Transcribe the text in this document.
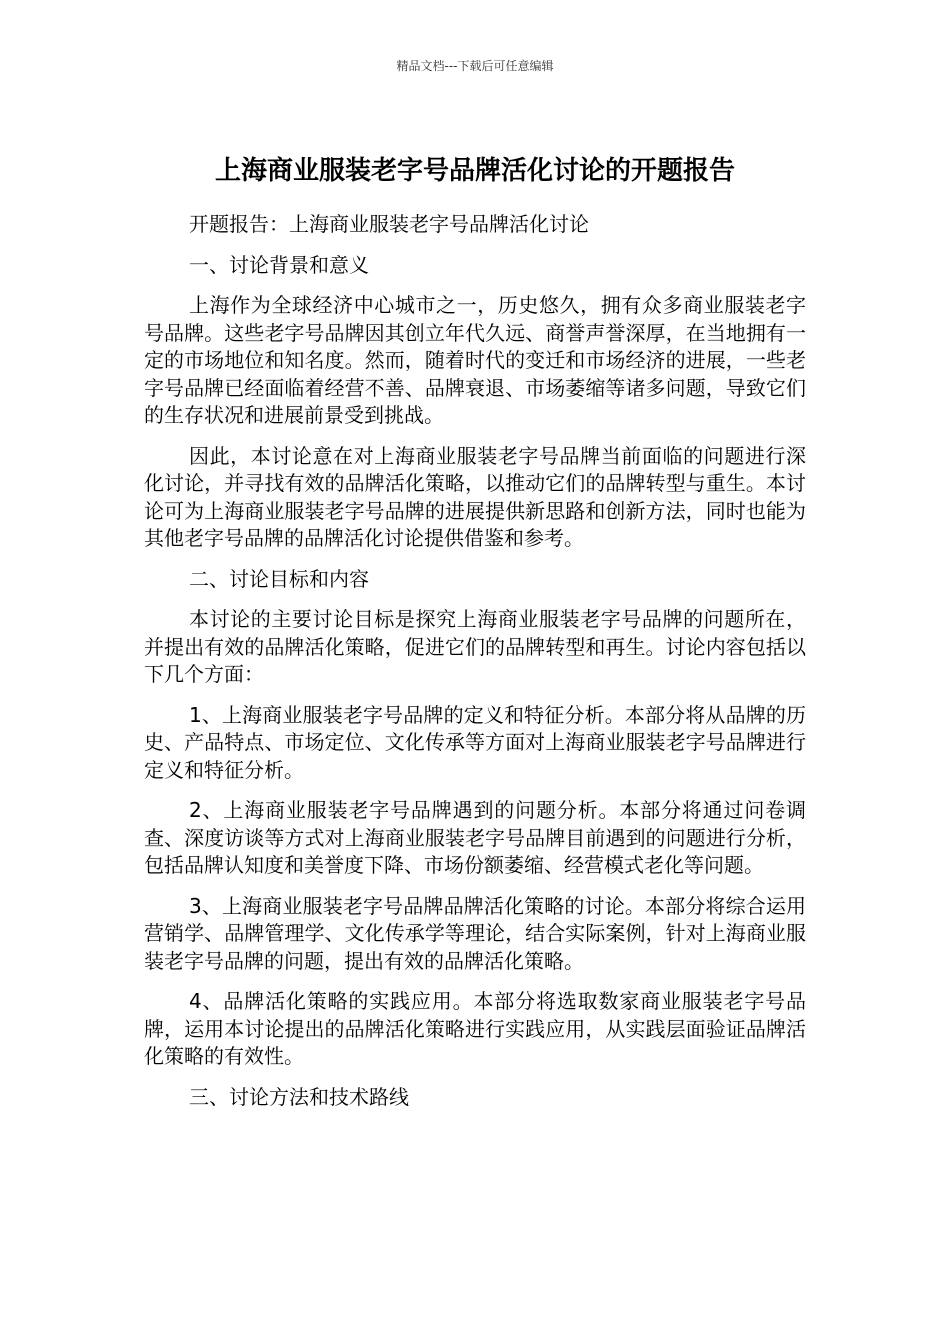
精品文档---下载后可任意编辑
上海商业服装老字号品牌活化讨论的开题报告

开题报告：上海商业服装老字号品牌活化讨论

一、讨论背景和意义

上海作为全球经济中心城市之一，历史悠久，拥有众多商业服装老字号品牌。这些老字号品牌因其创立年代久远、商誉声誉深厚，在当地拥有一定的市场地位和知名度。然而，随着时代的变迁和市场经济的进展，一些老字号品牌已经面临着经营不善、品牌衰退、市场萎缩等诸多问题，导致它们的生存状况和进展前景受到挑战。

因此，本讨论意在对上海商业服装老字号品牌当前面临的问题进行深化讨论，并寻找有效的品牌活化策略，以推动它们的品牌转型与重生。本讨论可为上海商业服装老字号品牌的进展提供新思路和创新方法，同时也能为其他老字号品牌的品牌活化讨论提供借鉴和参考。

二、讨论目标和内容

本讨论的主要讨论目标是探究上海商业服装老字号品牌的问题所在，并提出有效的品牌活化策略，促进它们的品牌转型和再生。讨论内容包括以下几个方面：

1、上海商业服装老字号品牌的定义和特征分析。本部分将从品牌的历史、产品特点、市场定位、文化传承等方面对上海商业服装老字号品牌进行定义和特征分析。

2、上海商业服装老字号品牌遇到的问题分析。本部分将通过问卷调查、深度访谈等方式对上海商业服装老字号品牌目前遇到的问题进行分析，包括品牌认知度和美誉度下降、市场份额萎缩、经营模式老化等问题。

3、上海商业服装老字号品牌品牌活化策略的讨论。本部分将综合运用营销学、品牌管理学、文化传承学等理论，结合实际案例，针对上海商业服装老字号品牌的问题，提出有效的品牌活化策略。

4、品牌活化策略的实践应用。本部分将选取数家商业服装老字号品牌，运用本讨论提出的品牌活化策略进行实践应用，从实践层面验证品牌活化策略的有效性。

三、讨论方法和技术路线
